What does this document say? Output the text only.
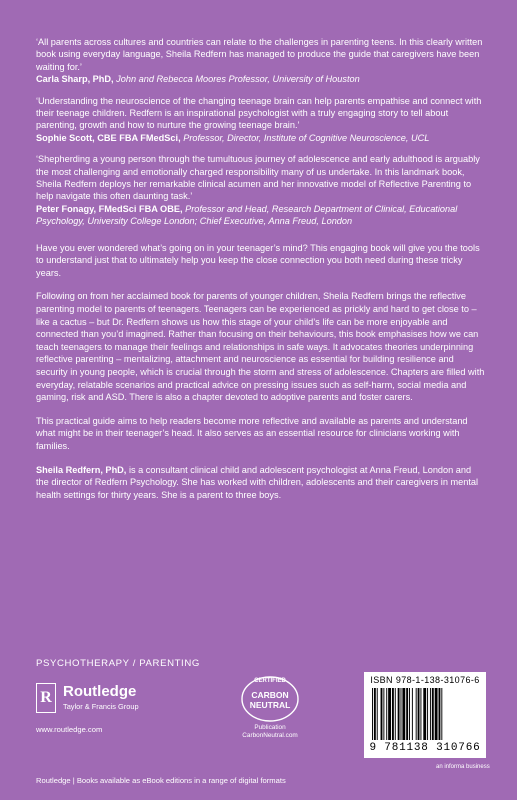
‘All parents across cultures and countries can relate to the challenges in parenting teens. In this clearly written book using everyday language, Sheila Redfern has managed to produce the guide that caregivers have been waiting for.’
Carla Sharp, PhD, John and Rebecca Moores Professor, University of Houston
‘Understanding the neuroscience of the changing teenage brain can help parents empathise and connect with their teenage children. Redfern is an inspirational psychologist with a truly engaging story to tell about parenting, growth and how to nurture the growing teenage brain.’
Sophie Scott, CBE FBA FMedSci, Professor, Director, Institute of Cognitive Neuroscience, UCL
‘Shepherding a young person through the tumultuous journey of adolescence and early adulthood is arguably the most challenging and emotionally charged responsibility many of us undertake. In this landmark book, Sheila Redfern deploys her remarkable clinical acumen and her innovative model of Reflective Parenting to help navigate this often daunting task.’
Peter Fonagy, FMedSci FBA OBE, Professor and Head, Research Department of Clinical, Educational Psychology, University College London; Chief Executive, Anna Freud, London

Have you ever wondered what’s going on in your teenager’s mind? This engaging book will give you the tools to understand just that to ultimately help you keep the close connection you both need during these tricky years.

Following on from her acclaimed book for parents of younger children, Sheila Redfern brings the reflective parenting model to parents of teenagers. Teenagers can be experienced as prickly and hard to get close to – like a cactus – but Dr. Redfern shows us how this stage of your child’s life can be more enjoyable and connected than you’d imagined. Rather than focusing on their behaviours, this book emphasises how we can teach teenagers to manage their feelings and relationships in safe ways. It advocates theories underpinning reflective parenting – mentalizing, attachment and neuroscience as essential for building resilience and security in young people, which is crucial through the storm and stress of adolescence. Chapters are filled with everyday, relatable scenarios and practical advice on pressing issues such as self-harm, social media and gaming, risk and ASD. There is also a chapter devoted to adoptive parents and foster carers.

This practical guide aims to help readers become more reflective and available as parents and understand what might be in their teenager’s head. It also serves as an essential resource for clinicians working with families.

Sheila Redfern, PhD, is a consultant clinical child and adolescent psychologist at Anna Freud, London and the director of Redfern Psychology. She has worked with children, adolescents and their caregivers in mental health settings for thirty years. She is a parent to three boys.

PSYCHOTHERAPY / PARENTING
R Routledge
Taylor & Francis Group
www.routledge.com
CERTIFIED
CARBON
NEUTRAL
Publication
CarbonNeutral.com
ISBN 978-1-138-31076-6
9 781138 310766
an informa business
Routledge | Books available as eBook editions in a range of digital formats
